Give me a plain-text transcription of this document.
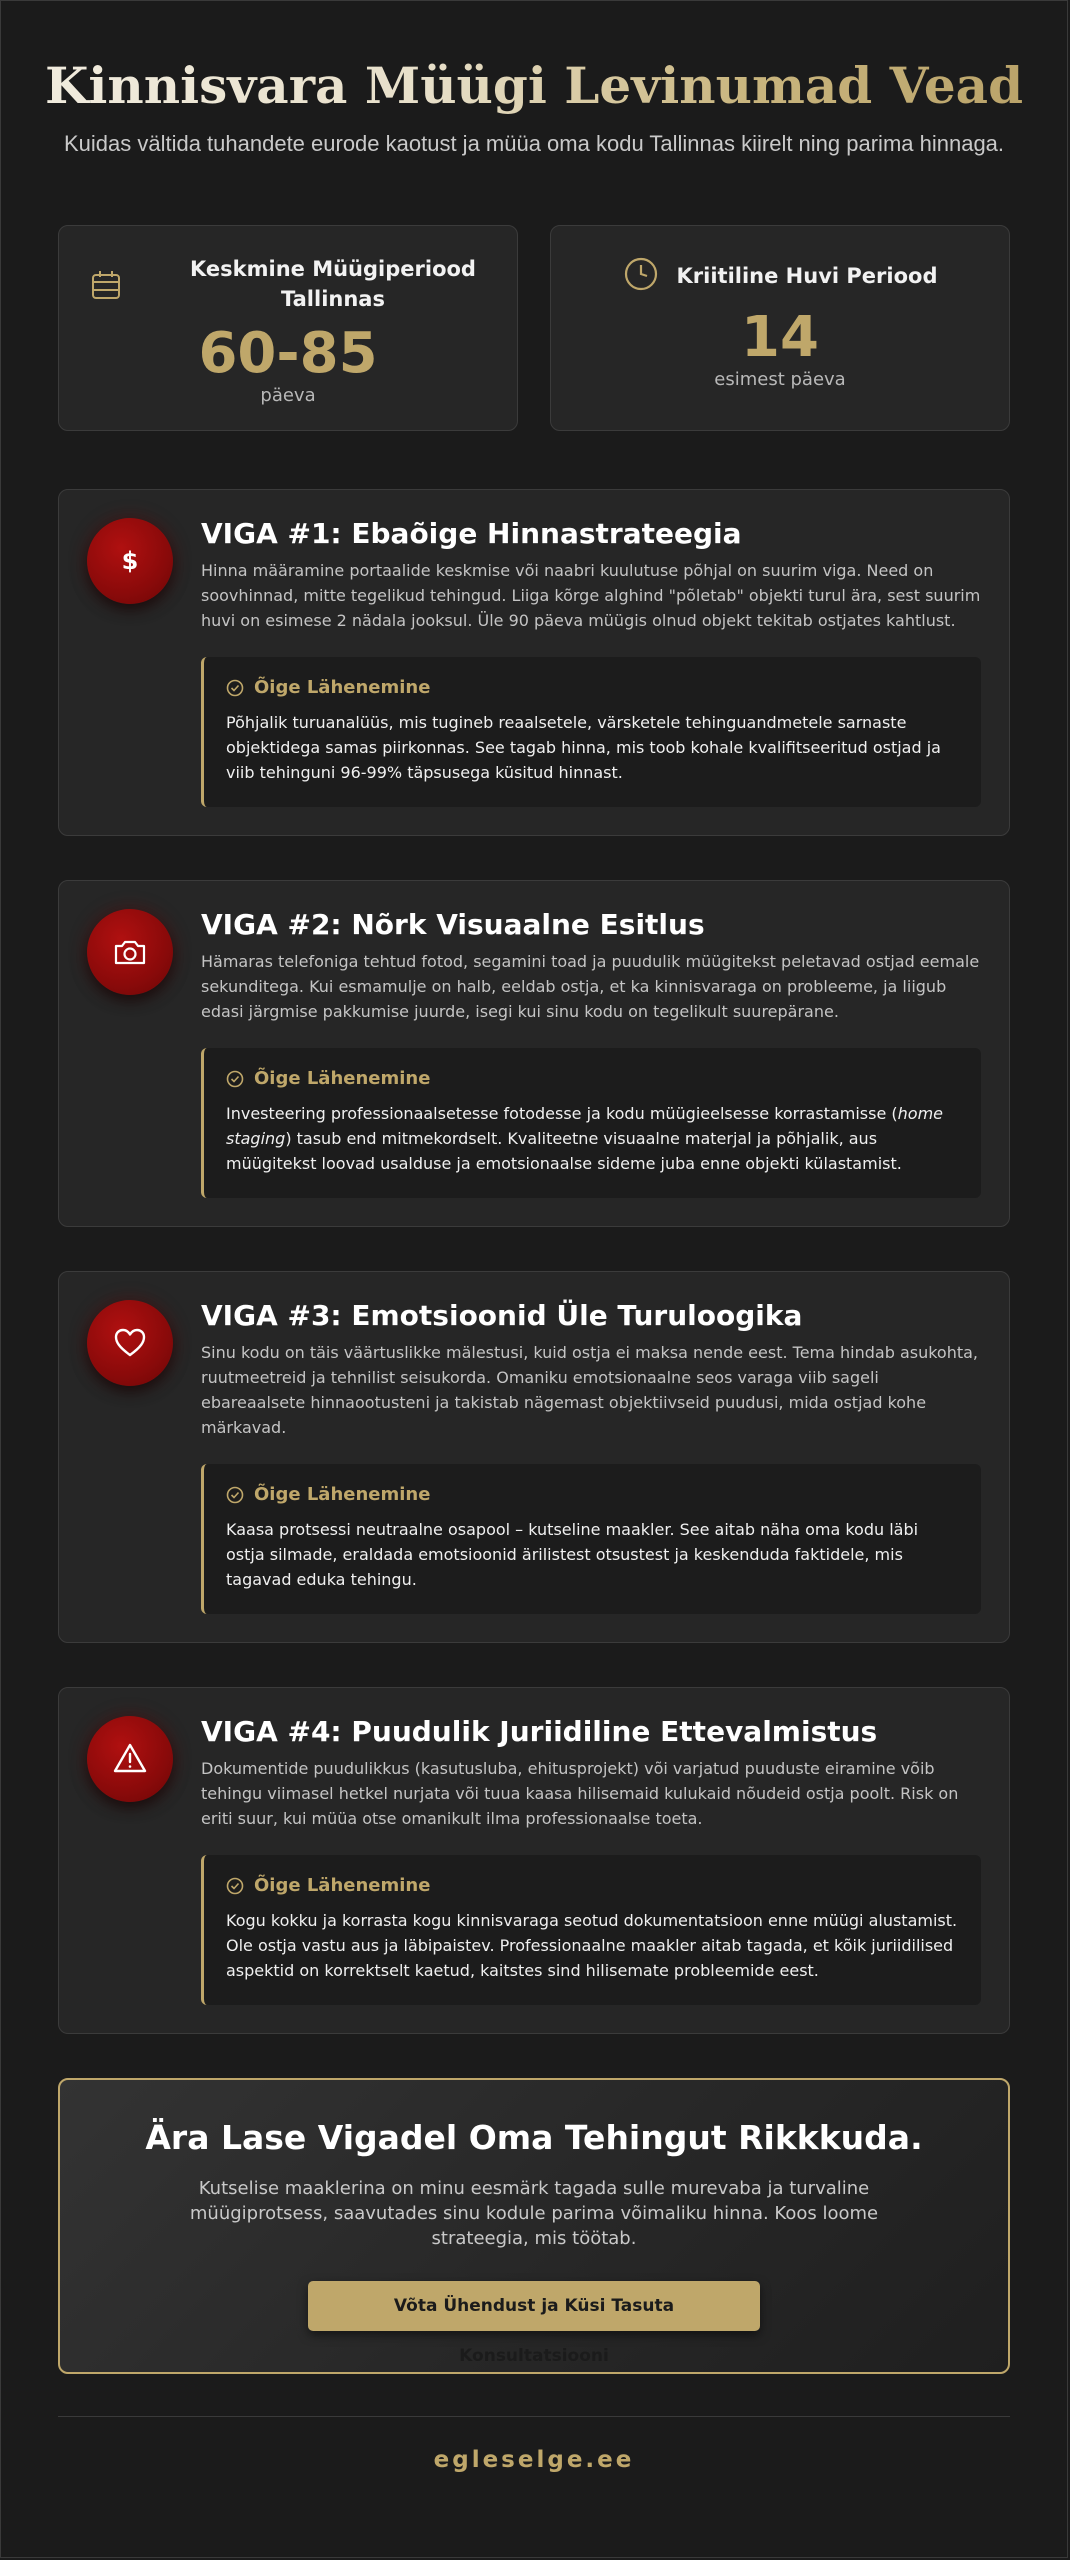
Kinnisvara Müügi Levinumad Vead

Kuidas vältida tuhandete eurode kaotust ja müüa oma kodu Tallinnas kiirelt ning parima hinnaga.

Keskmine Müügiperiood Tallinnas
60-85
päeva
Kriitiline Huvi Periood
14
esimest päeva
$
VIGA #1: Ebaõige Hinnastrateegia

Hinna määramine portaalide keskmise või naabri kuulutuse põhjal on suurim viga. Need on soovhinnad, mitte tegelikud tehingud. Liiga kõrge alghind "põletab" objekti turul ära, sest suurim huvi on esimese 2 nädala jooksul. Üle 90 päeva müügis olnud objekt tekitab ostjates kahtlust.

Õige Lähenemine

Põhjalik turuanalüüs, mis tugineb reaalsetele, värsketele tehinguandmetele sarnaste objektidega samas piirkonnas. See tagab hinna, mis toob kohale kvalifitseeritud ostjad ja viib tehinguni 96-99% täpsusega küsitud hinnast.

VIGA #2: Nõrk Visuaalne Esitlus

Hämaras telefoniga tehtud fotod, segamini toad ja puudulik müügitekst peletavad ostjad eemale sekunditega. Kui esmamulje on halb, eeldab ostja, et ka kinnisvaraga on probleeme, ja liigub edasi järgmise pakkumise juurde, isegi kui sinu kodu on tegelikult suurepärane.

Õige Lähenemine

Investeering professionaalsetesse fotodesse ja kodu müügieelsesse korrastamisse (home staging) tasub end mitmekordselt. Kvaliteetne visuaalne materjal ja põhjalik, aus müügitekst loovad usalduse ja emotsionaalse sideme juba enne objekti külastamist.

VIGA #3: Emotsioonid Üle Turuloogika

Sinu kodu on täis väärtuslikke mälestusi, kuid ostja ei maksa nende eest. Tema hindab asukohta, ruutmeetreid ja tehnilist seisukorda. Omaniku emotsionaalne seos varaga viib sageli ebareaalsete hinnaootusteni ja takistab nägemast objektiivseid puudusi, mida ostjad kohe märkavad.

Õige Lähenemine

Kaasa protsessi neutraalne osapool – kutseline maakler. See aitab näha oma kodu läbi ostja silmade, eraldada emotsioonid ärilistest otsustest ja keskenduda faktidele, mis tagavad eduka tehingu.

VIGA #4: Puudulik Juriidiline Ettevalmistus

Dokumentide puudulikkus (kasutusluba, ehitusprojekt) või varjatud puuduste eiramine võib tehingu viimasel hetkel nurjata või tuua kaasa hilisemaid kulukaid nõudeid ostja poolt. Risk on eriti suur, kui müüa otse omanikult ilma professionaalse toeta.

Õige Lähenemine

Kogu kokku ja korrasta kogu kinnisvaraga seotud dokumentatsioon enne müügi alustamist. Ole ostja vastu aus ja läbipaistev. Professionaalne maakler aitab tagada, et kõik juriidilised aspektid on korrektselt kaetud, kaitstes sind hilisemate probleemide eest.

Ära Lase Vigadel Oma Tehingut Rikkkuda.

Kutselise maaklerina on minu eesmärk tagada sulle murevaba ja turvaline müügiprotsess, saavutades sinu kodule parima võimaliku hinna. Koos loome strateegia, mis töötab.

Võta Ühendust ja Küsi Tasuta Konsultatsiooni
egleselge.ee
